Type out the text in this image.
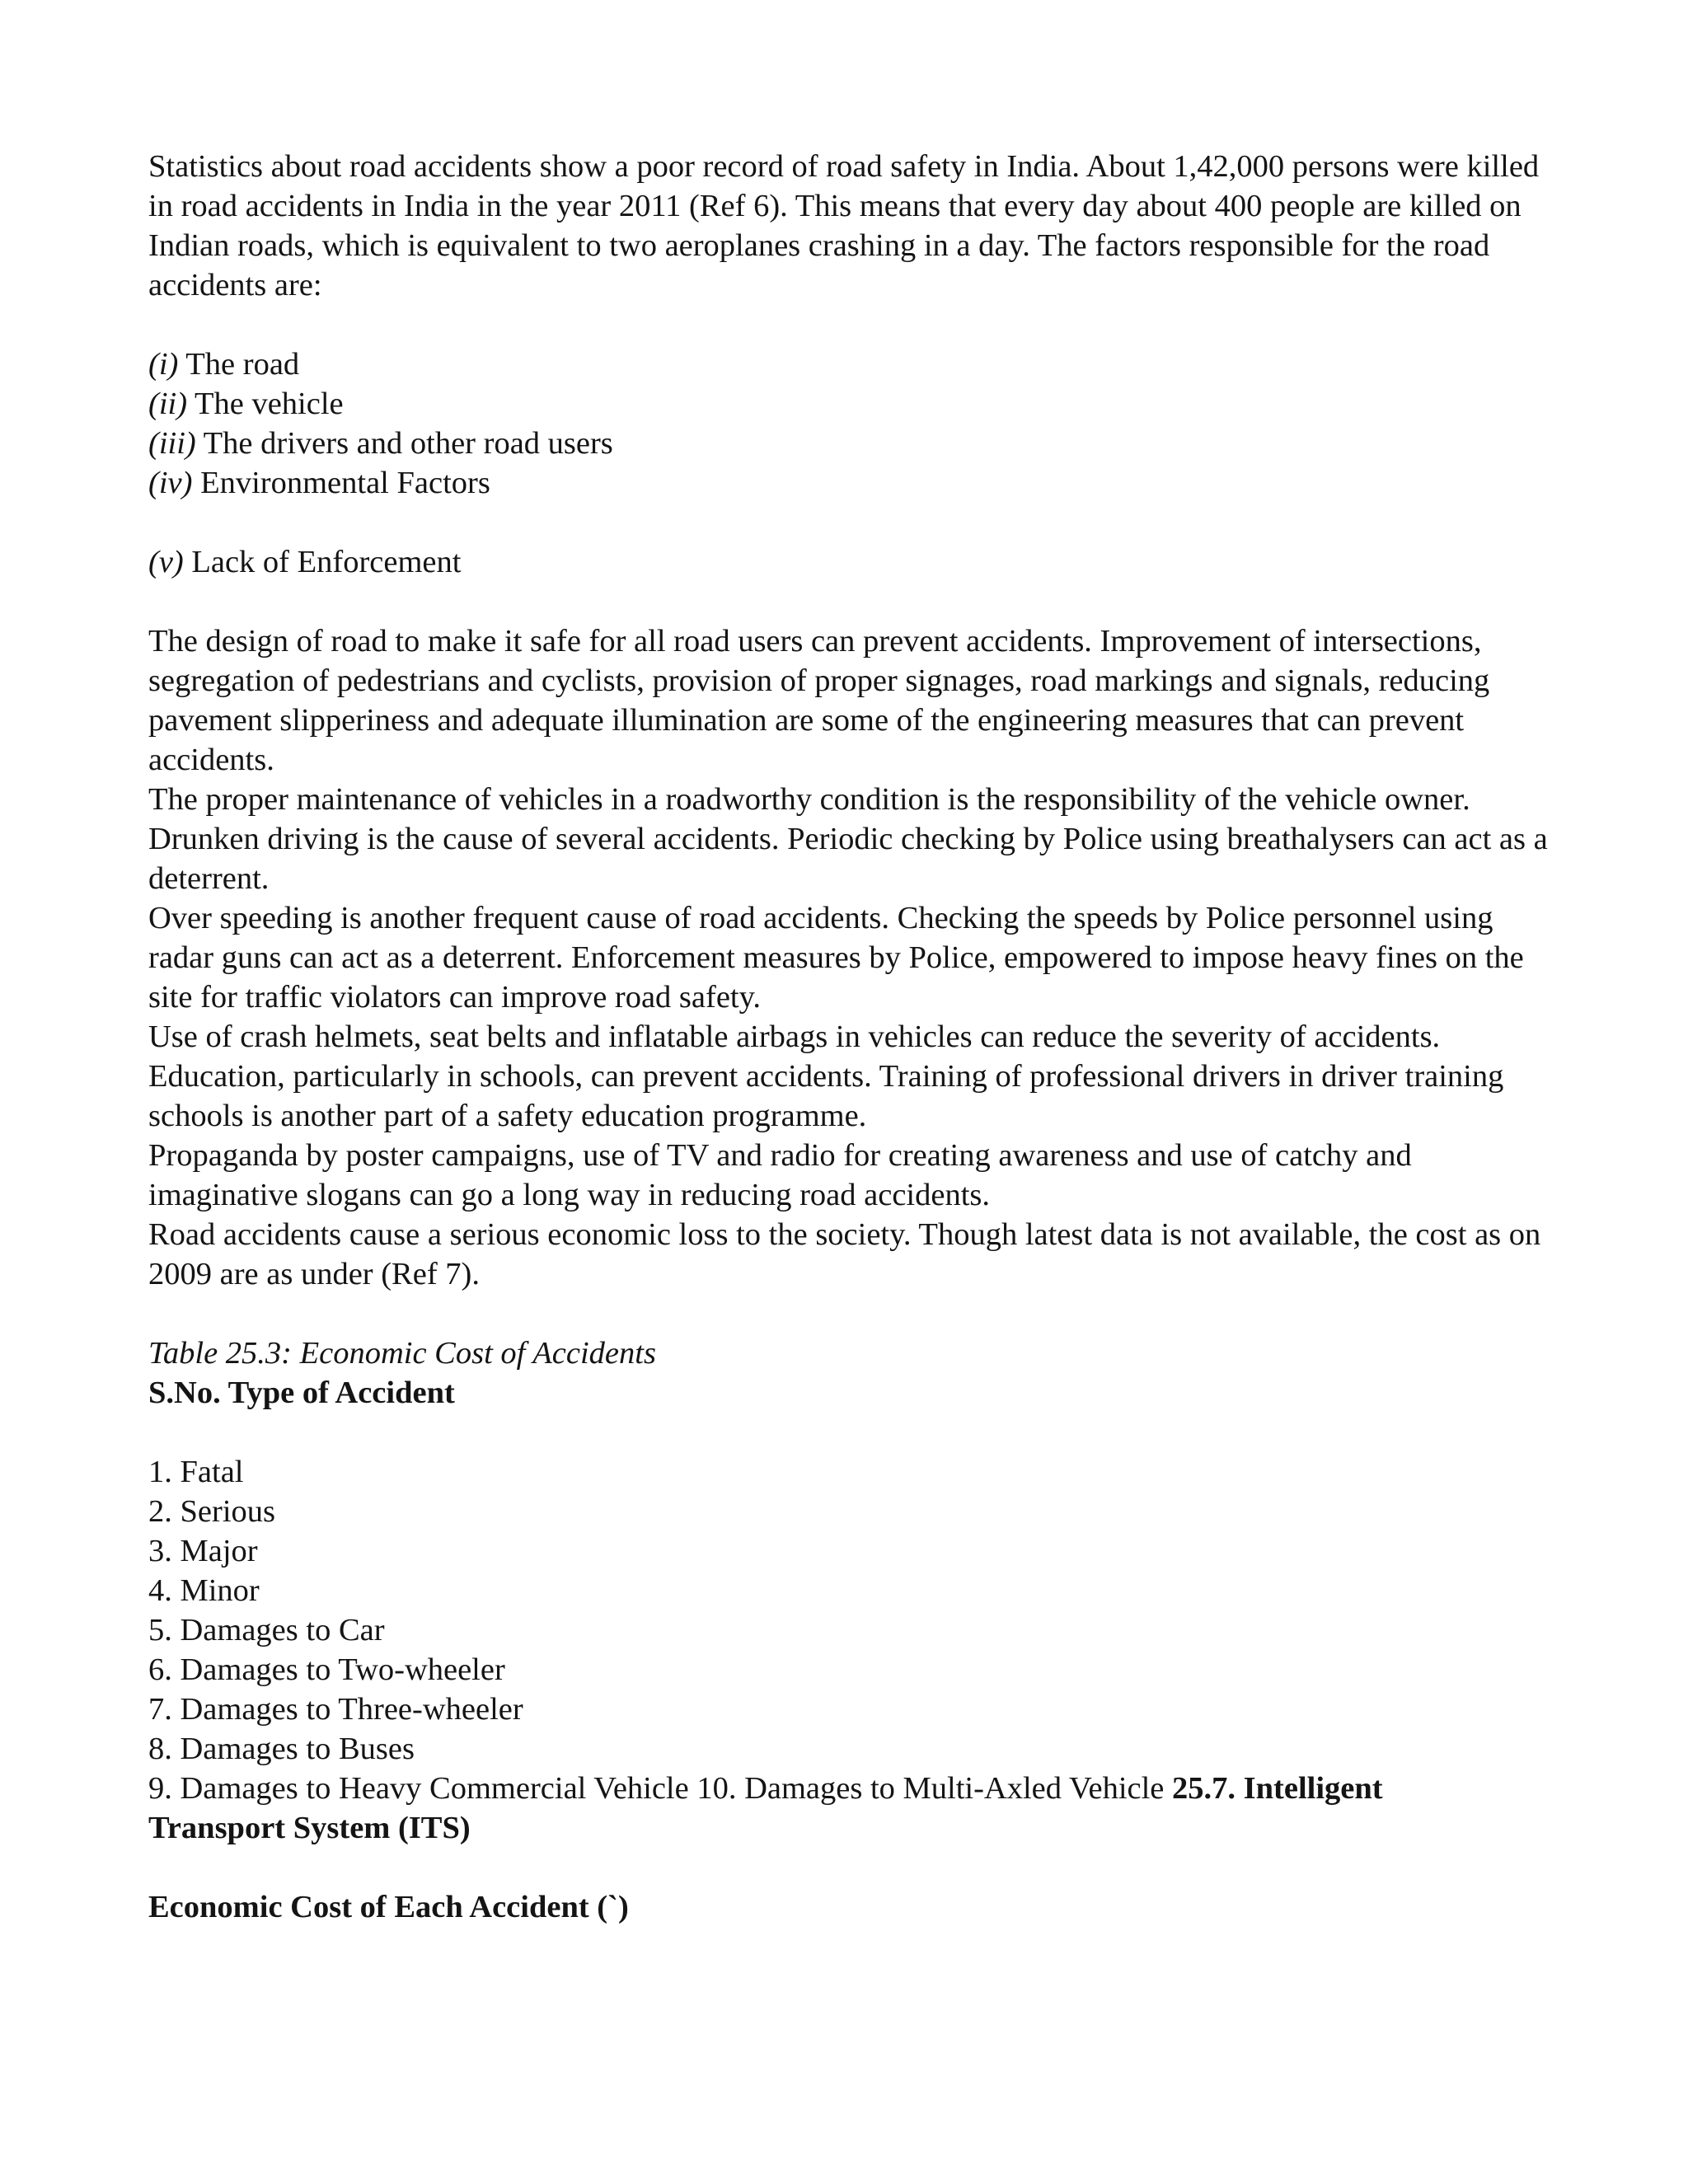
Statistics about road accidents show a poor record of road safety in India. About 1,42,000 persons were killed in road accidents in India in the year 2011 (Ref 6). This means that every day about 400 people are killed on Indian roads, which is equivalent to two aeroplanes crashing in a day. The factors responsible for the road accidents are:

(i) The road

(ii) The vehicle

(iii) The drivers and other road users

(iv) Environmental Factors

(v) Lack of Enforcement

The design of road to make it safe for all road users can prevent accidents. Improvement of intersections, segregation of pedestrians and cyclists, provision of proper signages, road markings and signals, reducing pavement slipperiness and adequate illumination are some of the engineering measures that can prevent accidents.

The proper maintenance of vehicles in a roadworthy condition is the responsibility of the vehicle owner.

Drunken driving is the cause of several accidents. Periodic checking by Police using breathalysers can act as a deterrent.

Over speeding is another frequent cause of road accidents. Checking the speeds by Police personnel using radar guns can act as a deterrent. Enforcement measures by Police, empowered to impose heavy fines on the site for traffic violators can improve road safety.

Use of crash helmets, seat belts and inflatable airbags in vehicles can reduce the severity of accidents.

Education, particularly in schools, can prevent accidents. Training of professional drivers in driver training schools is another part of a safety education programme.

Propaganda by poster campaigns, use of TV and radio for creating awareness and use of catchy and imaginative slogans can go a long way in reducing road accidents.

Road accidents cause a serious economic loss to the society. Though latest data is not available, the cost as on 2009 are as under (Ref 7).

Table 25.3: Economic Cost of Accidents

S.No. Type of Accident

1. Fatal

2. Serious

3. Major

4. Minor

5. Damages to Car

6. Damages to Two-wheeler

7. Damages to Three-wheeler

8. Damages to Buses

9. Damages to Heavy Commercial Vehicle 10. Damages to Multi-Axled Vehicle 25.7. Intelligent Transport System (ITS)

Economic Cost of Each Accident (`)
